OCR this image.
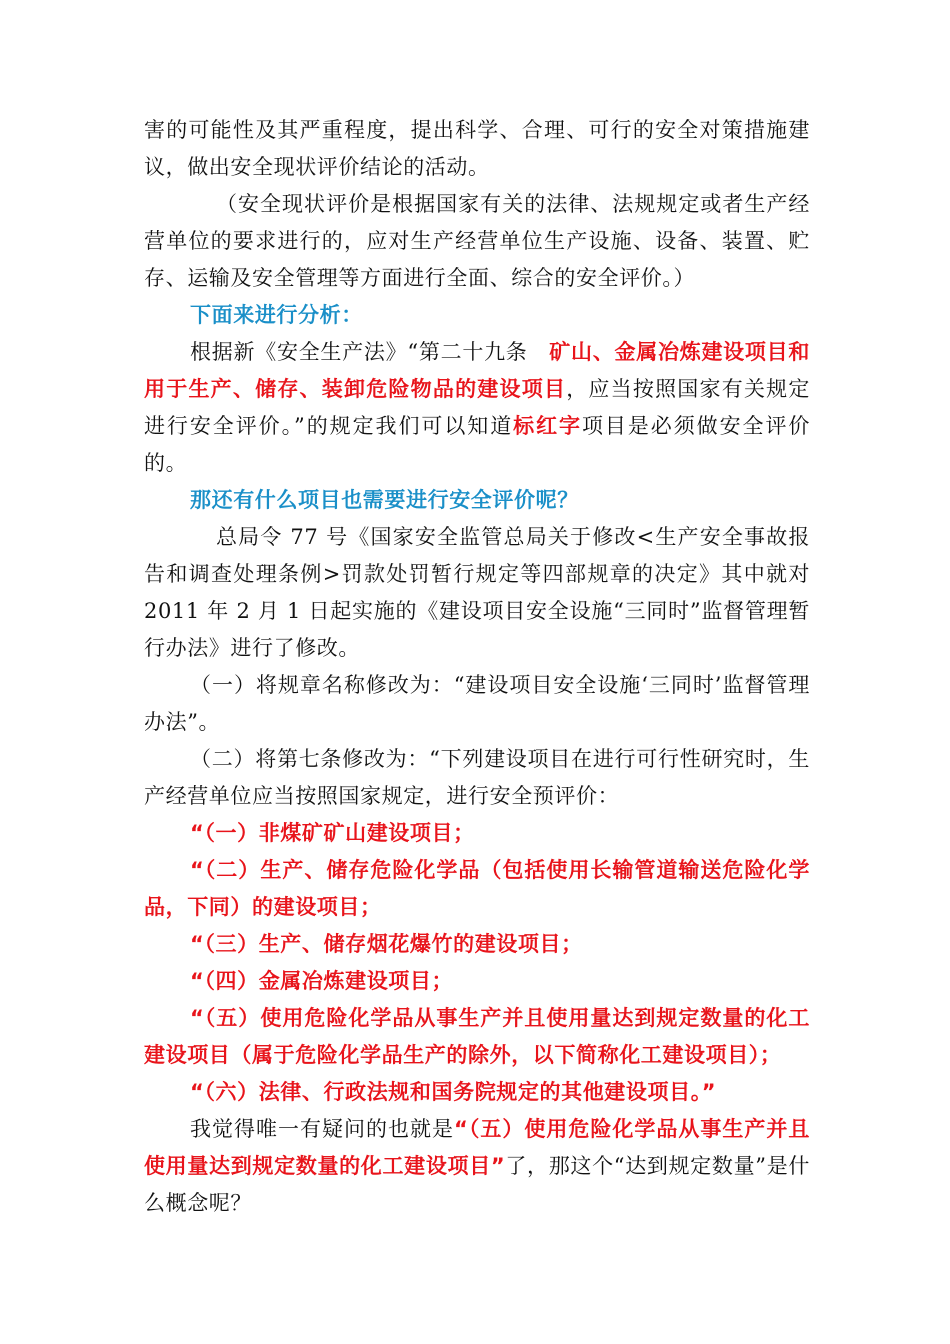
害的可能性及其严重程度，提出科学、合理、可行的安全对策措施建议，做出安全现状评价结论的活动。

（安全现状评价是根据国家有关的法律、法规规定或者生产经营单位的要求进行的，应对生产经营单位生产设施、设备、装置、贮存、运输及安全管理等方面进行全面、综合的安全评价。）

下面来进行分析：

根据新《安全生产法》“第二十九条　矿山、金属冶炼建设项目和用于生产、储存、装卸危险物品的建设项目，应当按照国家有关规定进行安全评价。”的规定我们可以知道标红字项目是必须做安全评价的。

那还有什么项目也需要进行安全评价呢？

总局令 77 号《国家安全监管总局关于修改<生产安全事故报告和调查处理条例>罚款处罚暂行规定等四部规章的决定》其中就对 2011 年 2 月 1 日起实施的《建设项目安全设施“三同时”监督管理暂行办法》进行了修改。

（一）将规章名称修改为：“建设项目安全设施‘三同时’监督管理办法”。

（二）将第七条修改为：“下列建设项目在进行可行性研究时，生产经营单位应当按照国家规定，进行安全预评价：

“（一）非煤矿矿山建设项目；

“（二）生产、储存危险化学品（包括使用长输管道输送危险化学品，下同）的建设项目；

“（三）生产、储存烟花爆竹的建设项目；

“（四）金属冶炼建设项目；

“（五）使用危险化学品从事生产并且使用量达到规定数量的化工建设项目（属于危险化学品生产的除外，以下简称化工建设项目）；

“（六）法律、行政法规和国务院规定的其他建设项目。”

我觉得唯一有疑问的也就是“（五）使用危险化学品从事生产并且使用量达到规定数量的化工建设项目”了，那这个“达到规定数量”是什么概念呢？
